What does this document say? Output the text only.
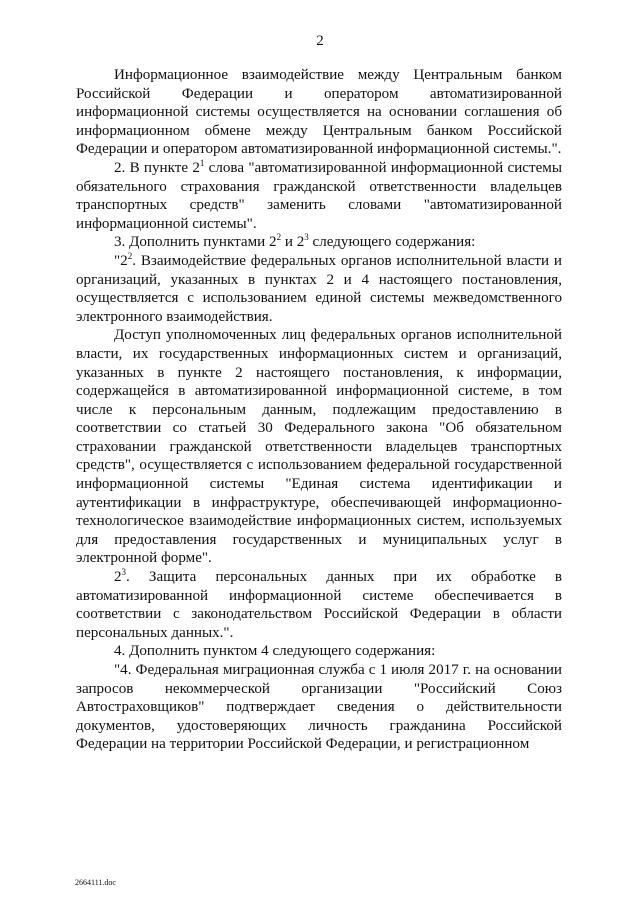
2

Информационное взаимодействие между Центральным банком Российской Федерации и оператором автоматизированной информационной системы осуществляется на основании соглашения об информационном обмене между Центральным банком Российской Федерации и оператором автоматизированной информационной системы.".

2. В пункте $2^1$ слова "автоматизированной информационной системы обязательного страхования гражданской ответственности владельцев транспортных средств" заменить словами "автоматизированной информационной системы".

3. Дополнить пунктами $2^2$ и $2^3$ следующего содержания:

"$2^2$. Взаимодействие федеральных органов исполнительной власти и организаций, указанных в пунктах 2 и 4 настоящего постановления, осуществляется с использованием единой системы межведомственного электронного взаимодействия.

Доступ уполномоченных лиц федеральных органов исполнительной власти, их государственных информационных систем и организаций, указанных в пункте 2 настоящего постановления, к информации, содержащейся в автоматизированной информационной системе, в том числе к персональным данным, подлежащим предоставлению в соответствии со статьей 30 Федерального закона "Об обязательном страховании гражданской ответственности владельцев транспортных средств", осуществляется с использованием федеральной государственной информационной системы "Единая система идентификации и аутентификации в инфраструктуре, обеспечивающей информационно-технологическое взаимодействие информационных систем, используемых для предоставления государственных и муниципальных услуг в электронной форме".

$2^3$. Защита персональных данных при их обработке в автоматизированной информационной системе обеспечивается в соответствии с законодательством Российской Федерации в области персональных данных.".

4. Дополнить пунктом 4 следующего содержания:

"4. Федеральная миграционная служба с 1 июля 2017 г. на основании запросов некоммерческой организации "Российский Союз Автостраховщиков" подтверждает сведения о действительности документов, удостоверяющих личность гражданина Российской Федерации на территории Российской Федерации, и регистрационном

2664111.doc
